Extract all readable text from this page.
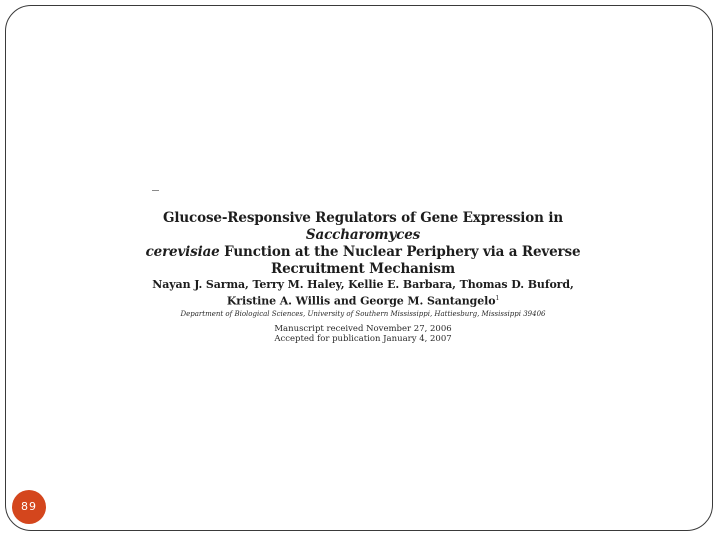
Glucose-Responsive Regulators of Gene Expression in Saccharomyces
cerevisiae Function at the Nuclear Periphery via a Reverse Recruitment Mechanism

Nayan J. Sarma, Terry M. Haley, Kellie E. Barbara, Thomas D. Buford,
Kristine A. Willis and George M. Santangelo$^1$

Department of Biological Sciences, University of Southern Mississippi, Hattiesburg, Mississippi 39406

Manuscript received November 27, 2006
Accepted for publication January 4, 2007

89
